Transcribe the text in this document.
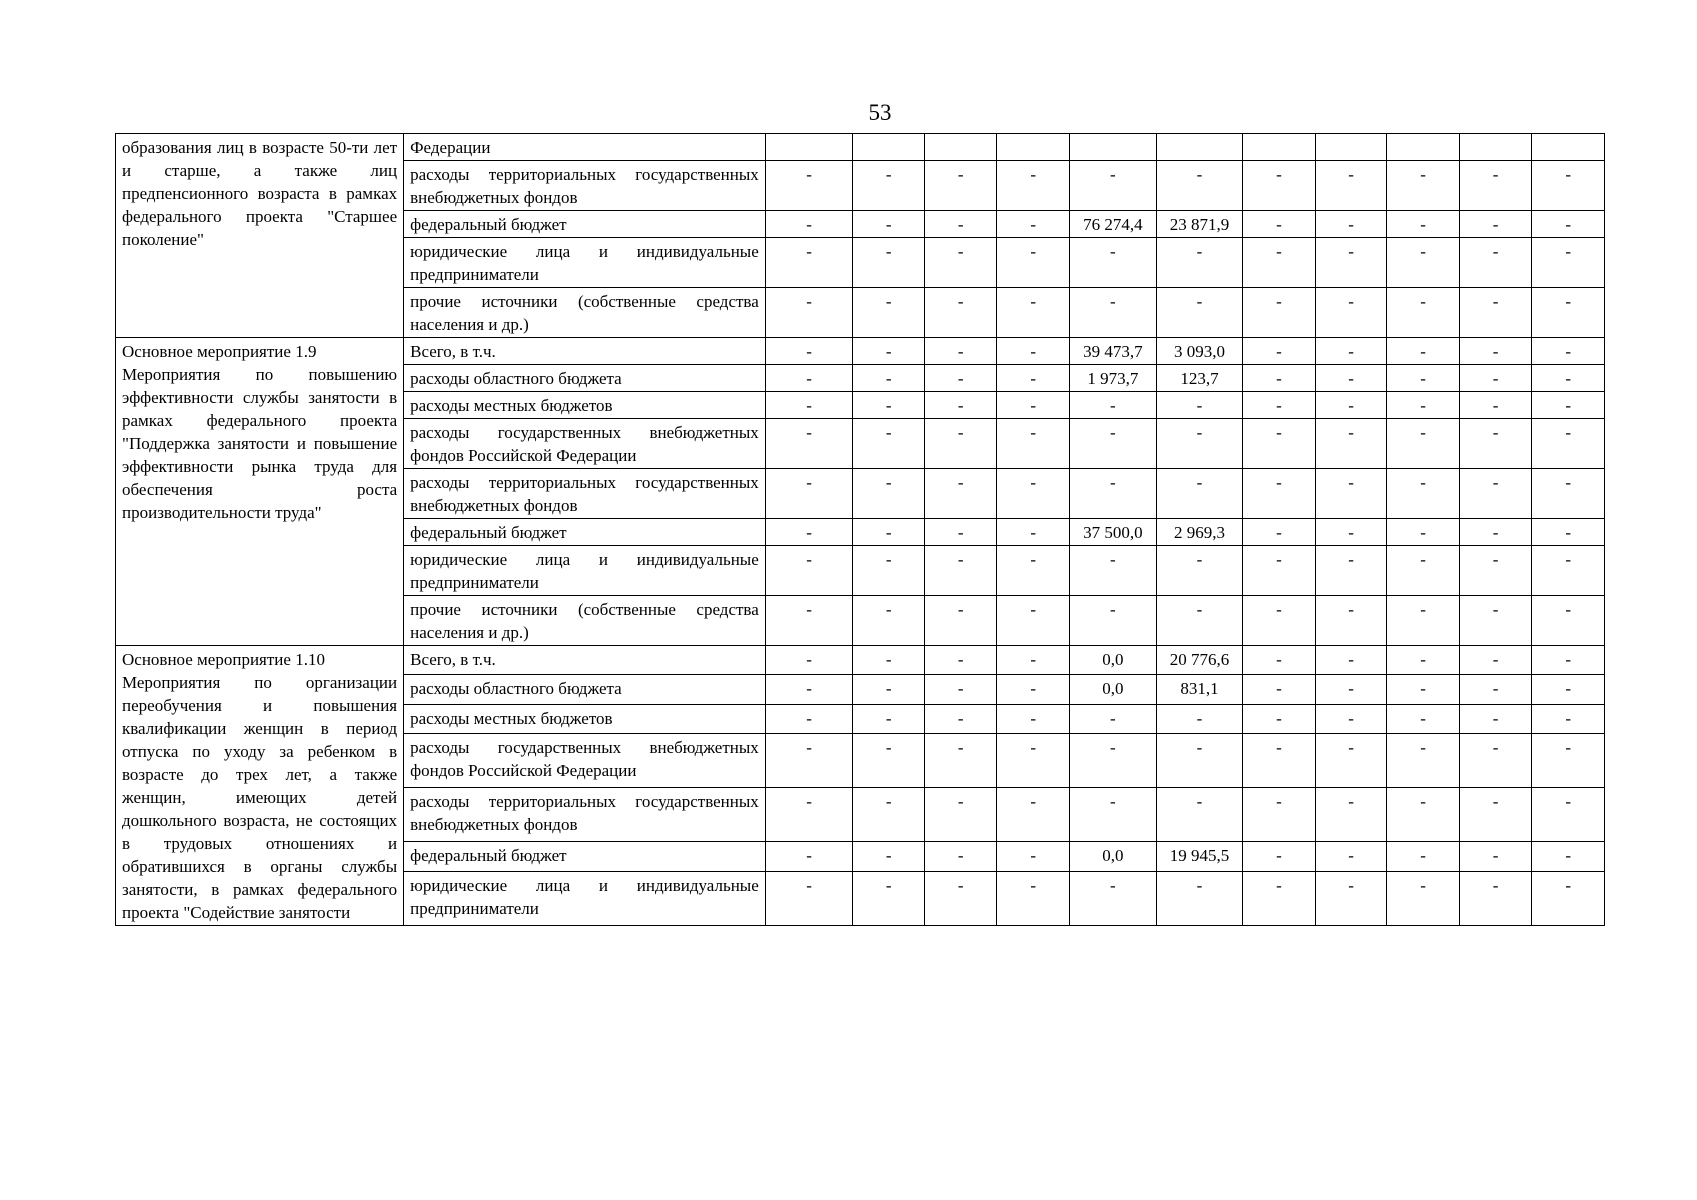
53
образования лиц в возрасте 50-ти лет и старше, а также лиц предпенсионного возраста в рамках федерального проекта "Старшее поколение"	Федерации											
	расходы территориальных государственных внебюджетных фондов	-	-	-	-	-	-	-	-	-	-	-
	федеральный бюджет	-	-	-	-	76 274,4	23 871,9	-	-	-	-	-
	юридические лица и индивидуальные предприниматели	-	-	-	-	-	-	-	-	-	-	-
	прочие источники (собственные средства населения и др.)	-	-	-	-	-	-	-	-	-	-	-

Основное мероприятие 1.9
Мероприятия по повышению эффективности службы занятости в рамках федерального проекта "Поддержка занятости и повышение эффективности рынка труда для обеспечения роста производительности труда"	Всего, в т.ч.	-	-	-	-	39 473,7	3 093,0	-	-	-	-	-
	расходы областного бюджета	-	-	-	-	1 973,7	123,7	-	-	-	-	-
	расходы местных бюджетов	-	-	-	-	-	-	-	-	-	-	-
	расходы государственных внебюджетных фондов Российской Федерации	-	-	-	-	-	-	-	-	-	-	-
	расходы территориальных государственных внебюджетных фондов	-	-	-	-	-	-	-	-	-	-	-
	федеральный бюджет	-	-	-	-	37 500,0	2 969,3	-	-	-	-	-
	юридические лица и индивидуальные предприниматели	-	-	-	-	-	-	-	-	-	-	-
	прочие источники (собственные средства населения и др.)	-	-	-	-	-	-	-	-	-	-	-

Основное мероприятие 1.10
Мероприятия по организации переобучения и повышения квалификации женщин в период отпуска по уходу за ребенком в возрасте до трех лет, а также женщин, имеющих детей дошкольного возраста, не состоящих в трудовых отношениях и обратившихся в органы службы занятости, в рамках федерального проекта "Содействие занятости	Всего, в т.ч.	-	-	-	-	0,0	20 776,6	-	-	-	-	-
	расходы областного бюджета	-	-	-	-	0,0	831,1	-	-	-	-	-
	расходы местных бюджетов	-	-	-	-	-	-	-	-	-	-	-
	расходы государственных внебюджетных фондов Российской Федерации	-	-	-	-	-	-	-	-	-	-	-
	расходы территориальных государственных внебюджетных фондов	-	-	-	-	-	-	-	-	-	-	-
	федеральный бюджет	-	-	-	-	0,0	19 945,5	-	-	-	-	-
	юридические лица и индивидуальные предприниматели	-	-	-	-	-	-	-	-	-	-	-
